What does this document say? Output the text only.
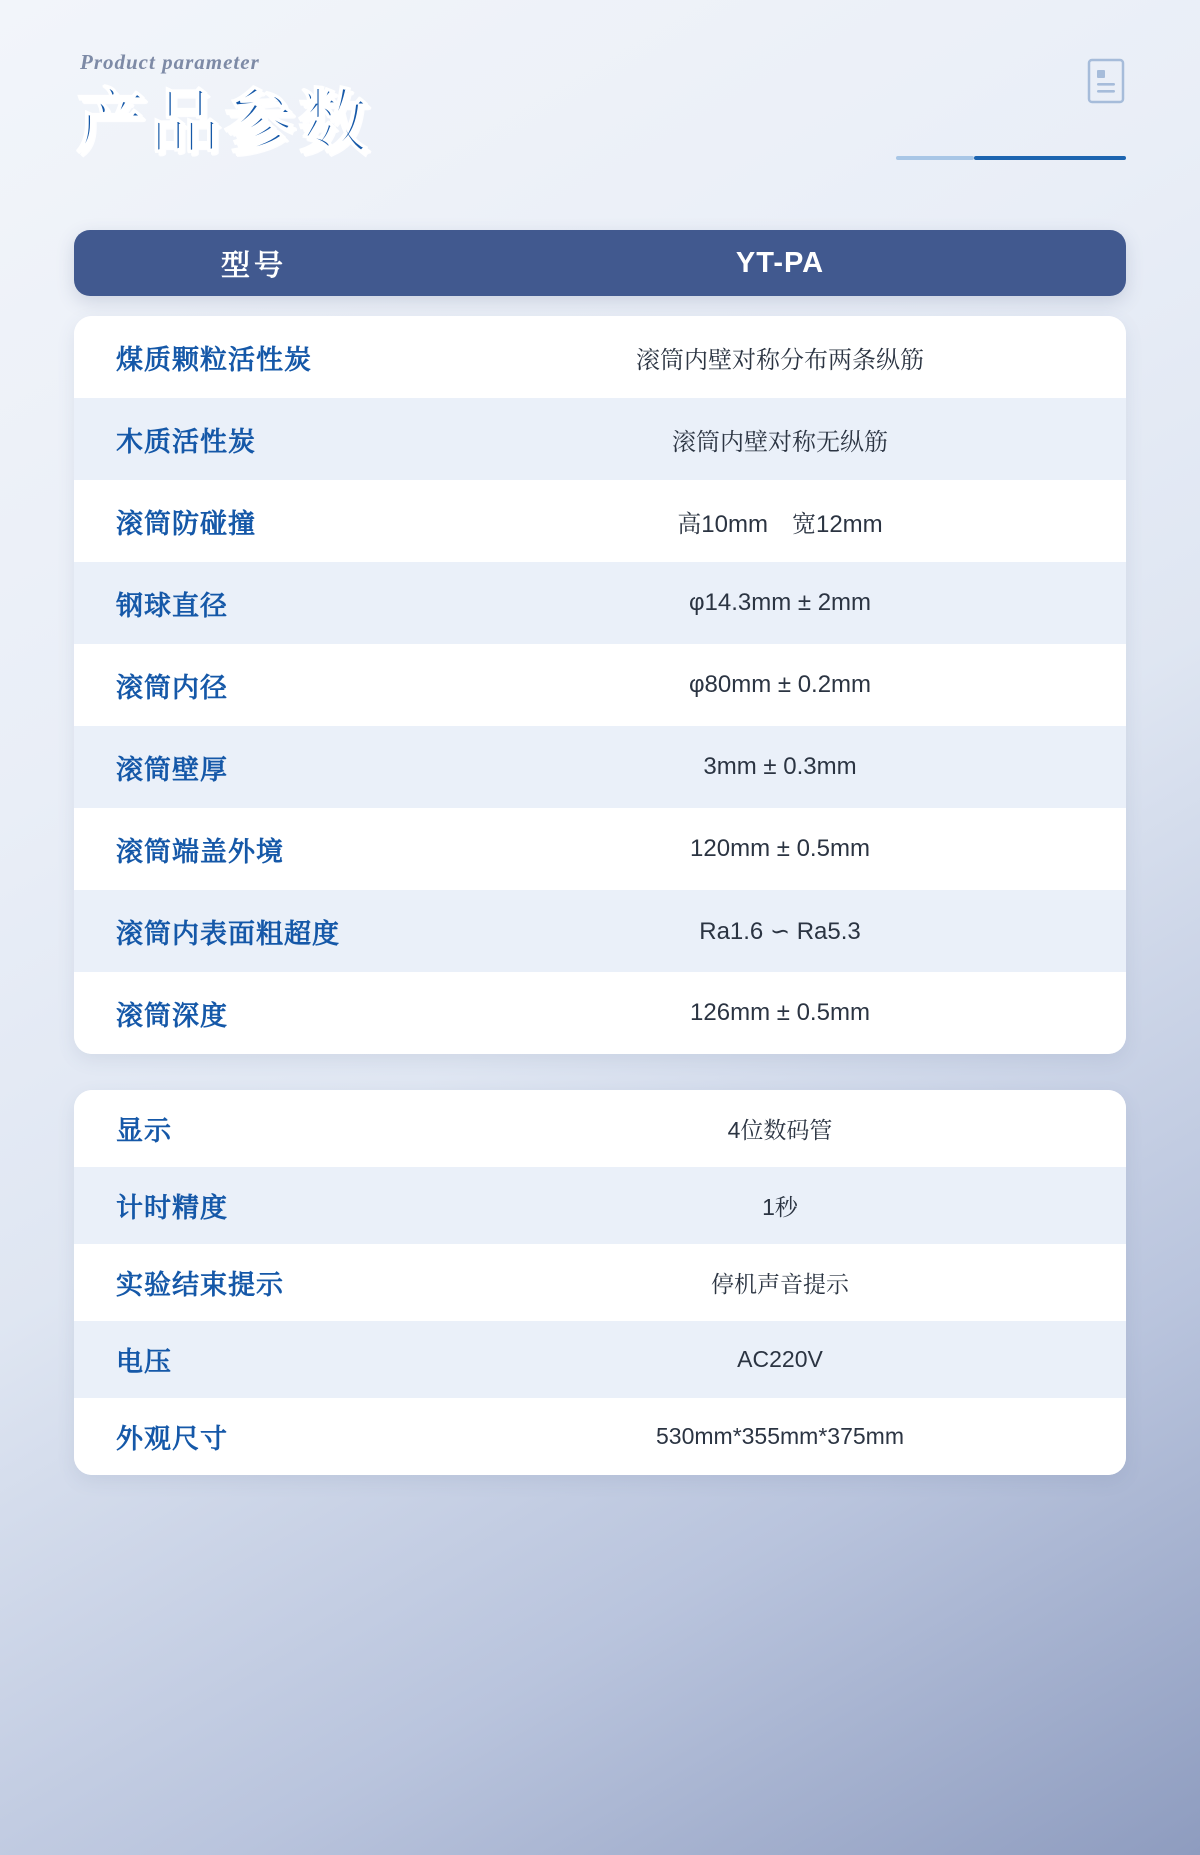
Product parameter
产品参数
型号	YT-PA
煤质颗粒活性炭	滚筒内壁对称分布两条纵筋
木质活性炭	滚筒内壁对称无纵筋
滚筒防碰撞	高10mm　宽12mm
钢球直径	φ14.3mm ± 2mm
滚筒内径	φ80mm ± 0.2mm
滚筒壁厚	3mm ± 0.3mm
滚筒端盖外境	120mm ± 0.5mm
滚筒内表面粗超度	Ra1.6 ∽ Ra5.3
滚筒深度	126mm ± 0.5mm
显示	4位数码管
计时精度	1秒
实验结束提示	停机声音提示
电压	AC220V
外观尺寸	530mm*355mm*375mm
